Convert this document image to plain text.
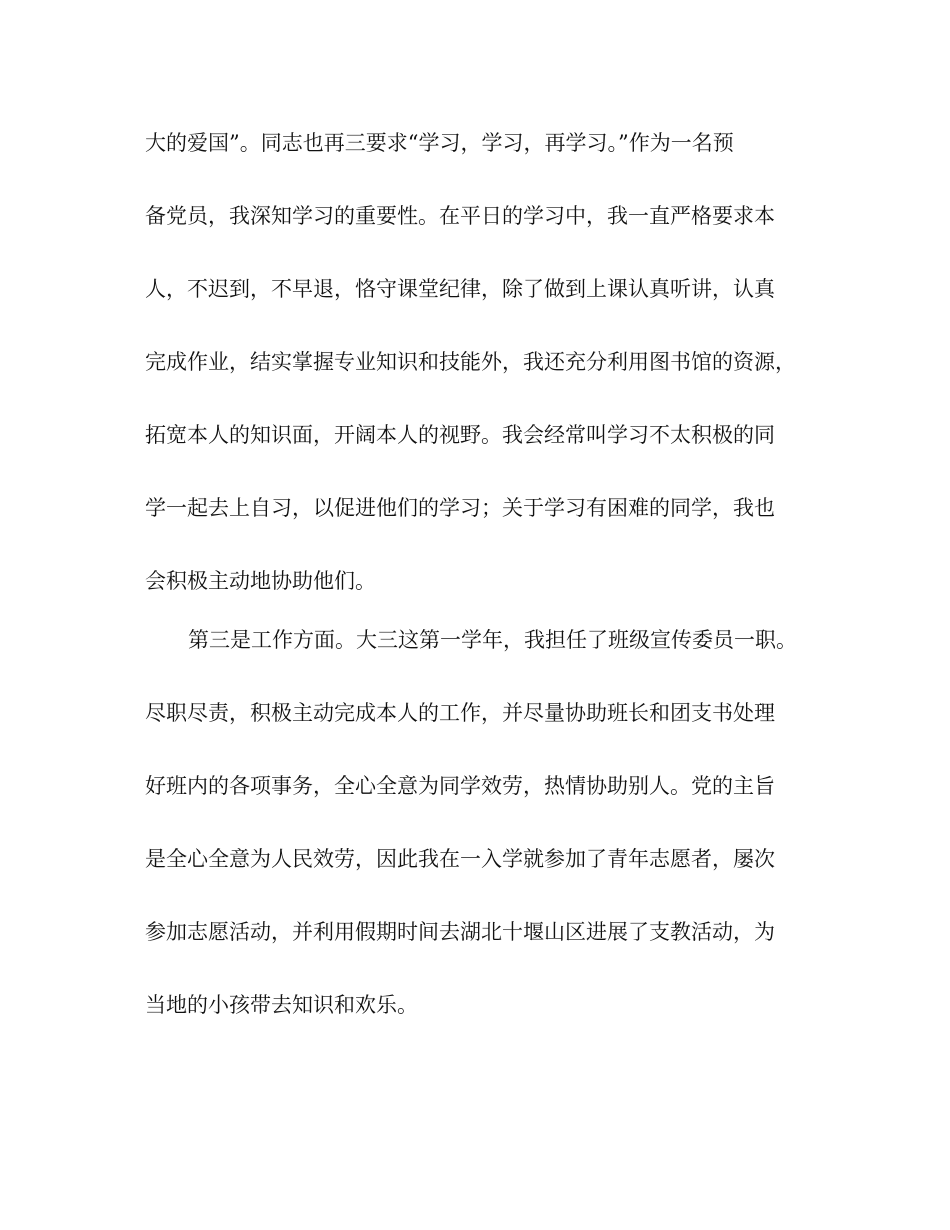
大的爱国”。同志也再三要求“学习，学习，再学习。”作为一名预

备党员，我深知学习的重要性。在平日的学习中，我一直严格要求本

人，不迟到，不早退，恪守课堂纪律，除了做到上课认真听讲，认真

完成作业，结实掌握专业知识和技能外，我还充分利用图书馆的资源，

拓宽本人的知识面，开阔本人的视野。我会经常叫学习不太积极的同

学一起去上自习，以促进他们的学习；关于学习有困难的同学，我也

会积极主动地协助他们。

第三是工作方面。大三这第一学年，我担任了班级宣传委员一职。

尽职尽责，积极主动完成本人的工作，并尽量协助班长和团支书处理

好班内的各项事务，全心全意为同学效劳，热情协助别人。党的主旨

是全心全意为人民效劳，因此我在一入学就参加了青年志愿者，屡次

参加志愿活动，并利用假期时间去湖北十堰山区进展了支教活动，为

当地的小孩带去知识和欢乐。
